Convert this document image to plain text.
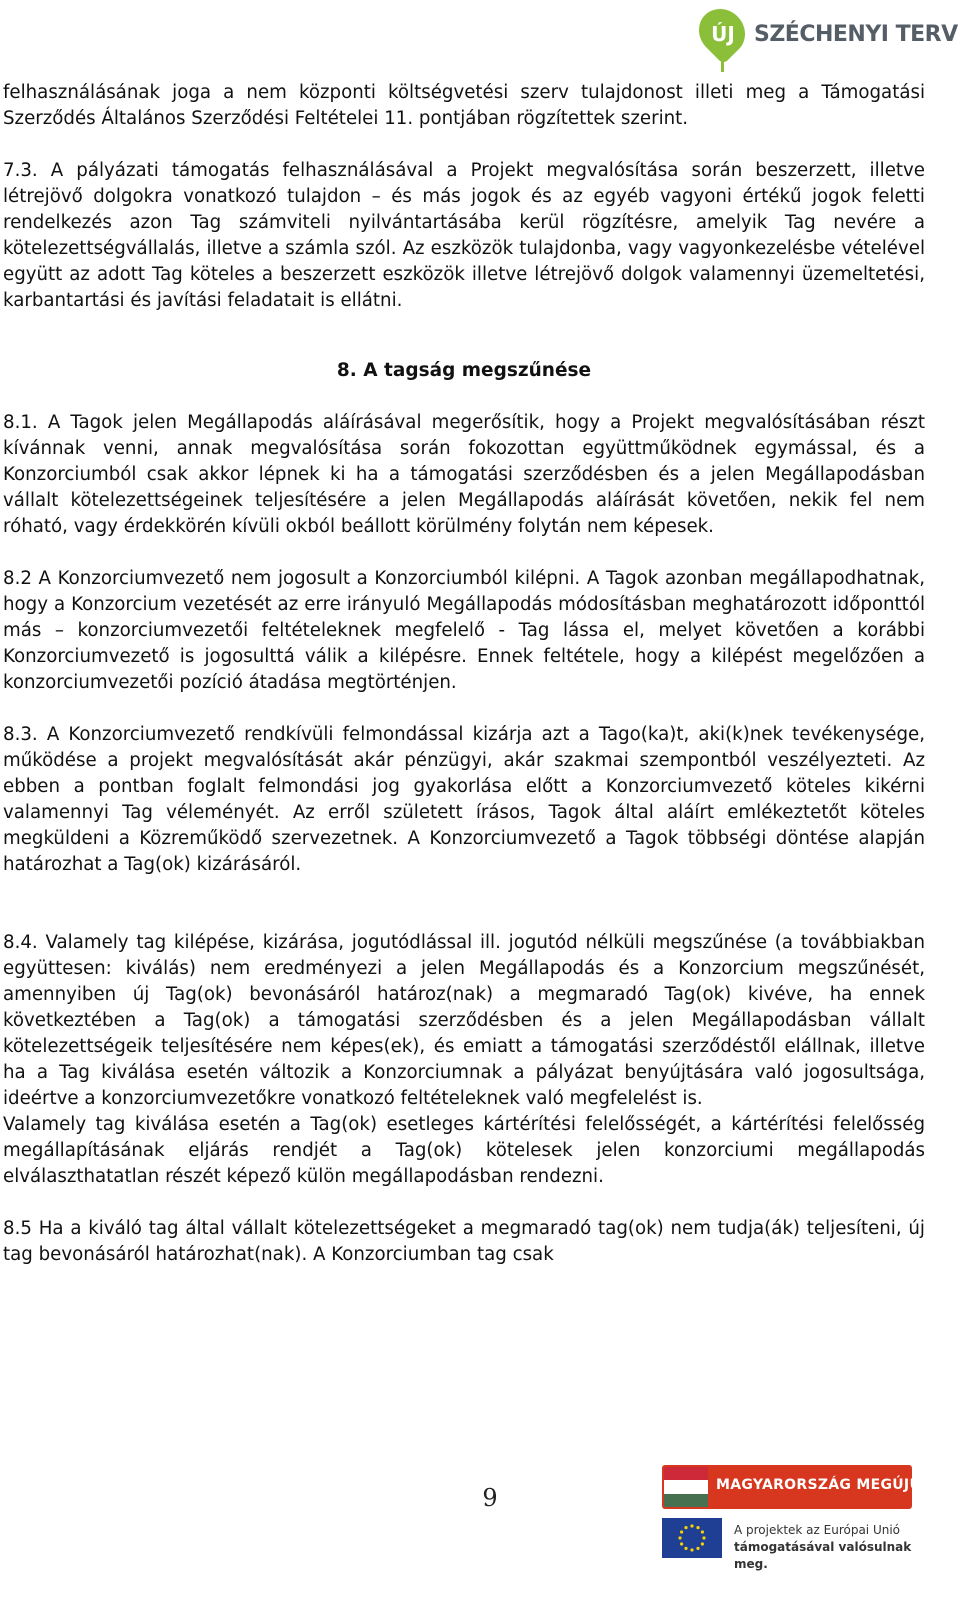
ÚJ SZÉCHENYI TERV

felhasználásának joga a nem központi költségvetési szerv tulajdonost illeti meg a Támogatási Szerződés Általános Szerződési Feltételei 11. pontjában rögzítettek szerint.

7.3. A pályázati támogatás felhasználásával a Projekt megvalósítása során beszerzett, illetve létrejövő dolgokra vonatkozó tulajdon – és más jogok és az egyéb vagyoni értékű jogok feletti rendelkezés azon Tag számviteli nyilvántartásába kerül rögzítésre, amelyik Tag nevére a kötelezettségvállalás, illetve a számla szól. Az eszközök tulajdonba, vagy vagyonkezelésbe vételével együtt az adott Tag köteles a beszerzett eszközök illetve létrejövő dolgok valamennyi üzemeltetési, karbantartási és javítási feladatait is ellátni.

8. A tagság megszűnése

8.1. A Tagok jelen Megállapodás aláírásával megerősítik, hogy a Projekt megvalósításában részt kívánnak venni, annak megvalósítása során fokozottan együttműködnek egymással, és a Konzorciumból csak akkor lépnek ki ha a támogatási szerződésben és a jelen Megállapodásban vállalt kötelezettségeinek teljesítésére a jelen Megállapodás aláírását követően, nekik fel nem róható, vagy érdekkörén kívüli okból beállott körülmény folytán nem képesek.

8.2 A Konzorciumvezető nem jogosult a Konzorciumból kilépni. A Tagok azonban megállapodhatnak, hogy a Konzorcium vezetését az erre irányuló Megállapodás módosításban meghatározott időponttól más – konzorciumvezetői feltételeknek megfelelő - Tag lássa el, melyet követően a korábbi Konzorciumvezető is jogosulttá válik a kilépésre. Ennek feltétele, hogy a kilépést megelőzően a konzorciumvezetői pozíció átadása megtörténjen.

8.3. A Konzorciumvezető rendkívüli felmondással kizárja azt a Tago(ka)t, aki(k)nek tevékenysége, működése a projekt megvalósítását akár pénzügyi, akár szakmai szempontból veszélyezteti. Az ebben a pontban foglalt felmondási jog gyakorlása előtt a Konzorciumvezető köteles kikérni valamennyi Tag véleményét. Az erről született írásos, Tagok által aláírt emlékeztetőt köteles megküldeni a Közreműködő szervezetnek. A Konzorciumvezető a Tagok többségi döntése alapján határozhat a Tag(ok) kizárásáról.

8.4. Valamely tag kilépése, kizárása, jogutódlással ill. jogutód nélküli megszűnése (a továbbiakban együttesen: kiválás) nem eredményezi a jelen Megállapodás és a Konzorcium megszűnését, amennyiben új Tag(ok) bevonásáról határoz(nak) a megmaradó Tag(ok) kivéve, ha ennek következtében a Tag(ok) a támogatási szerződésben és a jelen Megállapodásban vállalt kötelezettségeik teljesítésére nem képes(ek), és emiatt a támogatási szerződéstől elállnak, illetve ha a Tag kiválása esetén változik a Konzorciumnak a pályázat benyújtására való jogosultsága, ideértve a konzorciumvezetőkre vonatkozó feltételeknek való megfelelést is.

Valamely tag kiválása esetén a Tag(ok) esetleges kártérítési felelősségét, a kártérítési felelősség megállapításának eljárás rendjét a Tag(ok) kötelesek jelen konzorciumi megállapodás elválaszthatatlan részét képező külön megállapodásban rendezni.

8.5 Ha a kiváló tag által vállalt kötelezettségeket a megmaradó tag(ok) nem tudja(ák) teljesíteni, új tag bevonásáról határozhat(nak). A Konzorciumban tag csak

9	MAGYARORSZÁG MEGÚJUL
A projektek az Európai Unió
támogatásával valósulnak meg.
